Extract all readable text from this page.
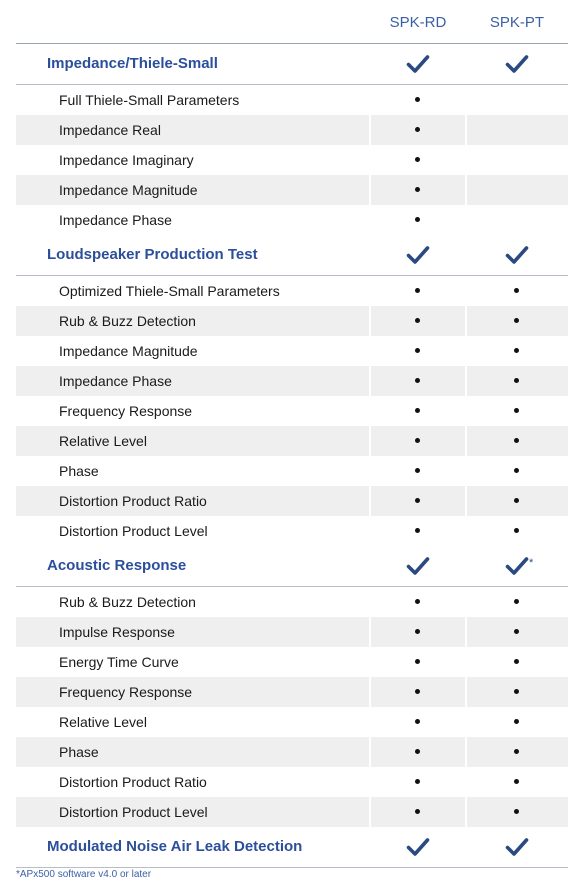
SPK-RD	SPK-PT
Impedance/Thiele-Small
Full Thiele-Small Parameters
Impedance Real
Impedance Imaginary
Impedance Magnitude
Impedance Phase
Loudspeaker Production Test
Optimized Thiele-Small Parameters
Rub & Buzz Detection
Impedance Magnitude
Impedance Phase
Frequency Response
Relative Level
Phase
Distortion Product Ratio
Distortion Product Level
Acoustic Response	*
Rub & Buzz Detection
Impulse Response
Energy Time Curve
Frequency Response
Relative Level
Phase
Distortion Product Ratio
Distortion Product Level
Modulated Noise Air Leak Detection
*APx500 software v4.0 or later
